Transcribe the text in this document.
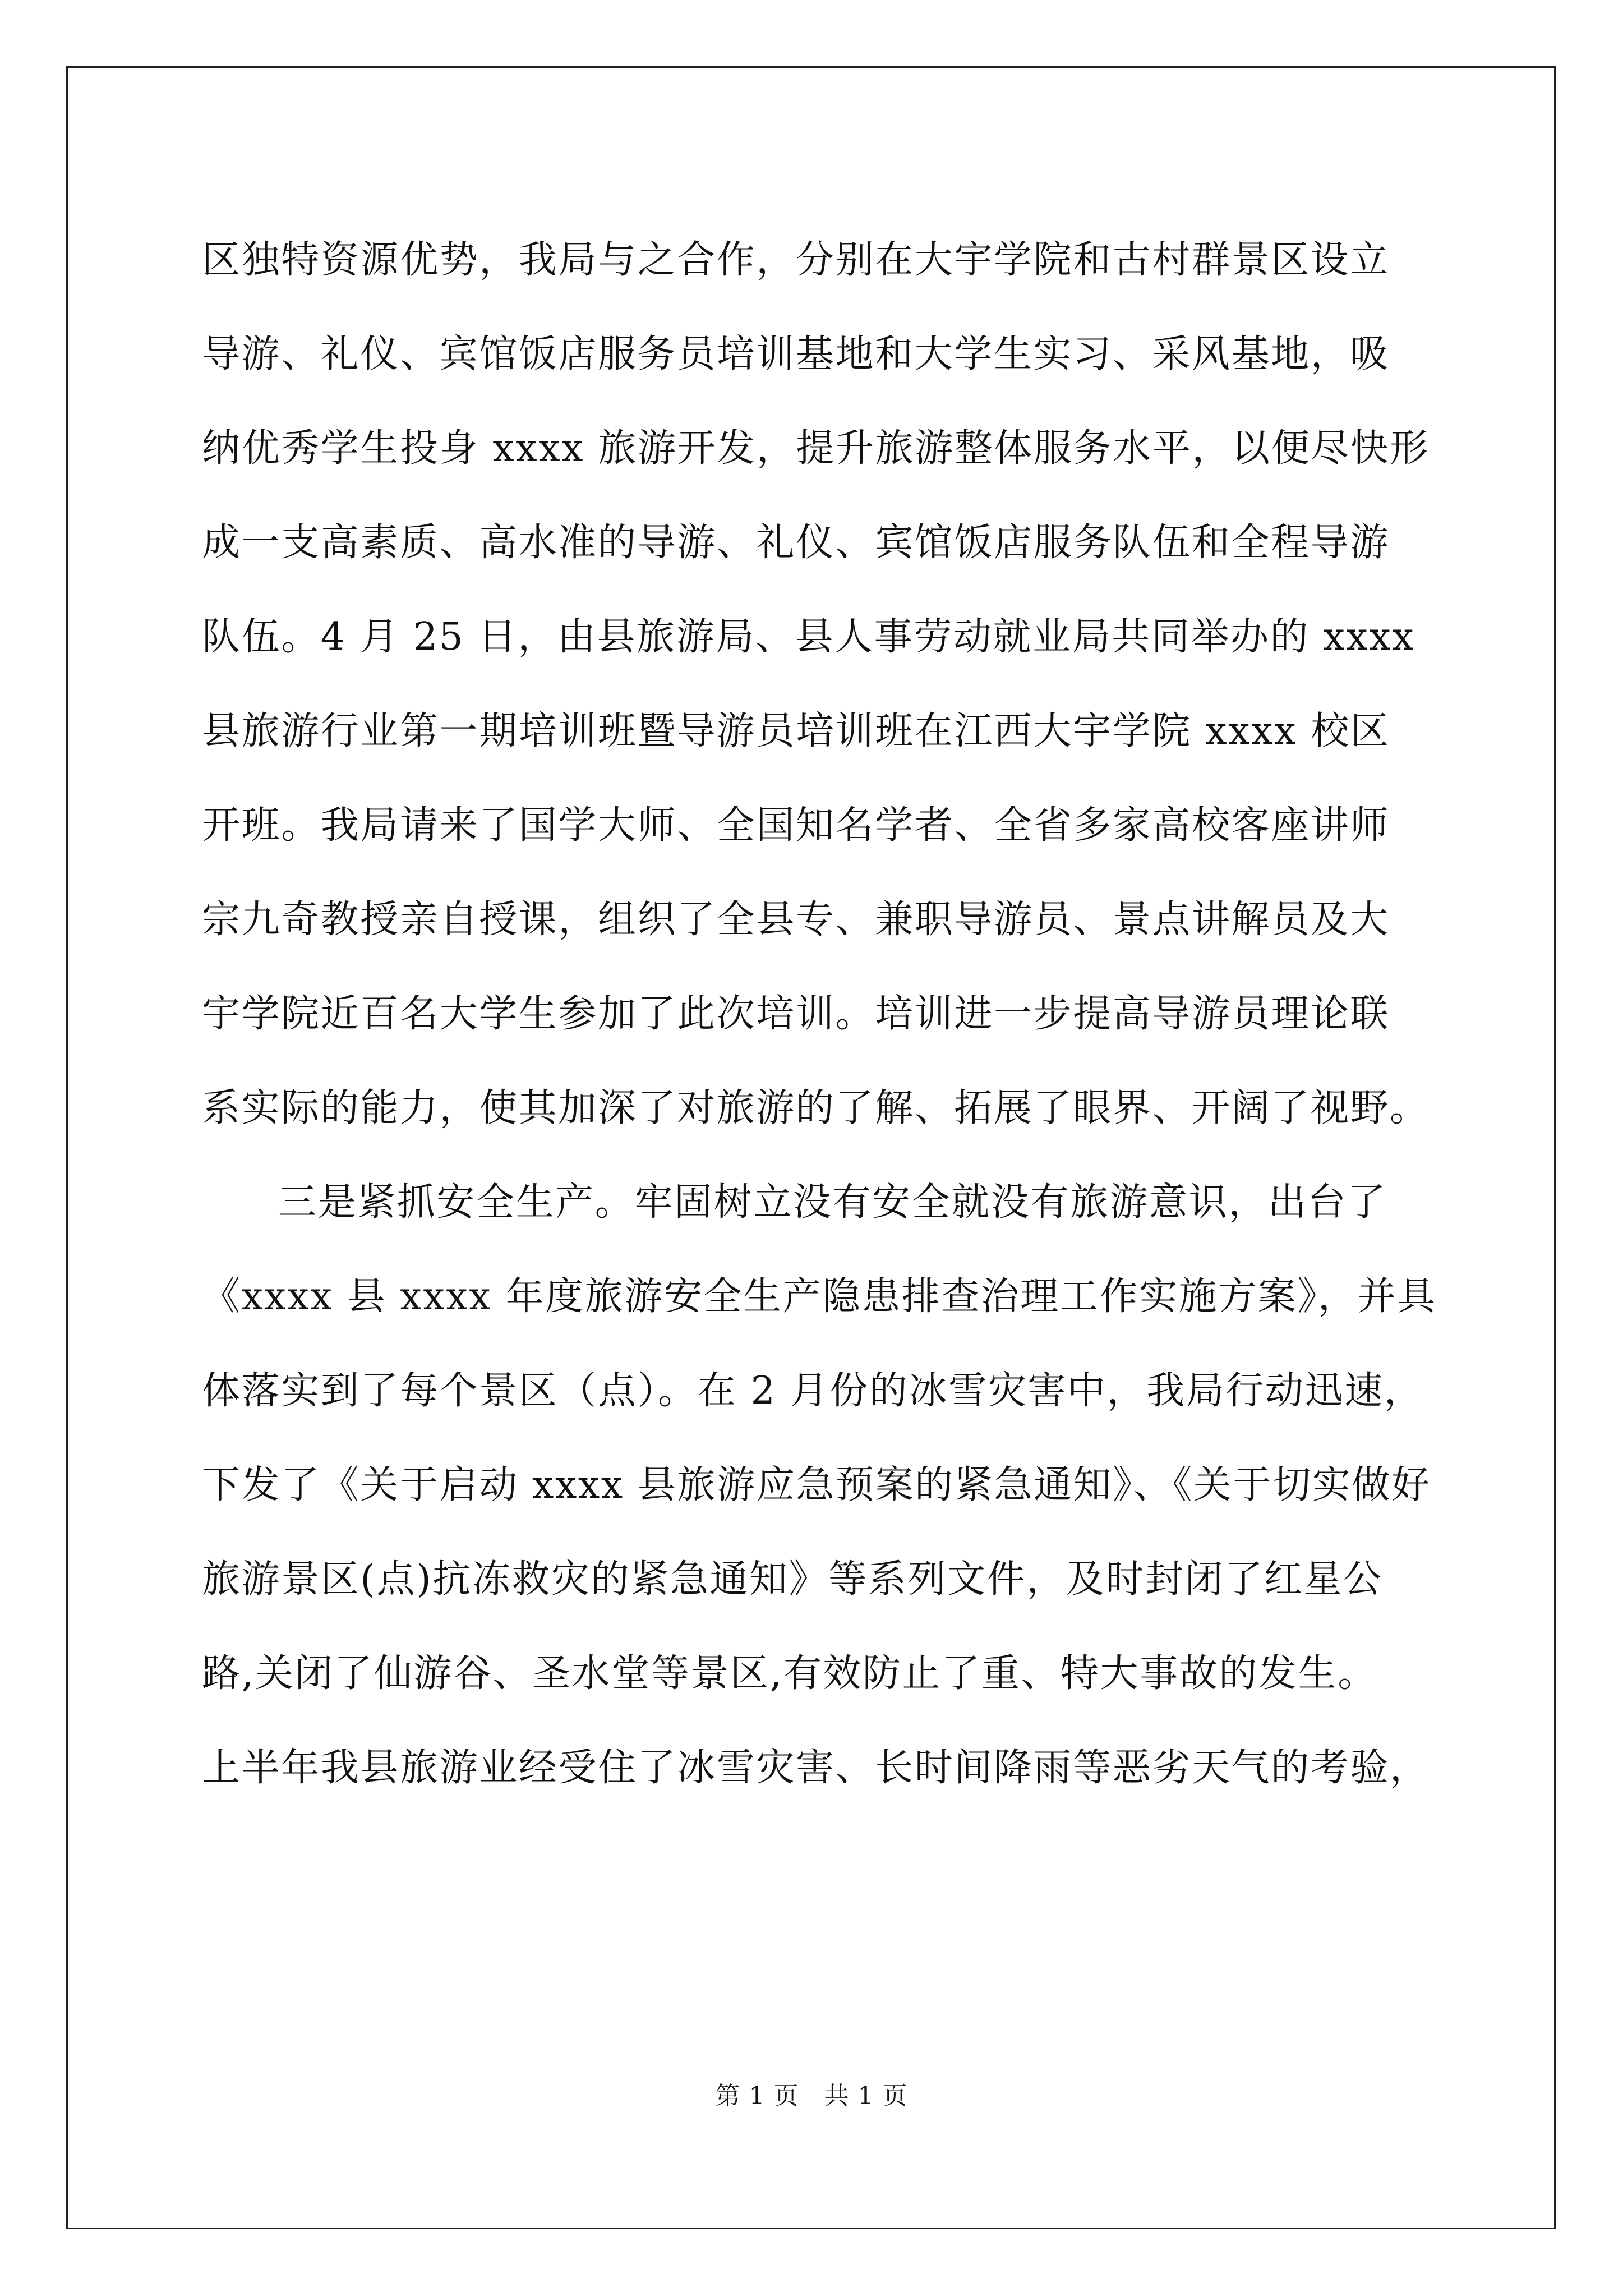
区独特资源优势，我局与之合作，分别在大宇学院和古村群景区设立
导游、礼仪、宾馆饭店服务员培训基地和大学生实习、采风基地，吸
纳优秀学生投身 xxxx 旅游开发，提升旅游整体服务水平，以便尽快形
成一支高素质、高水准的导游、礼仪、宾馆饭店服务队伍和全程导游
队伍。4 月 25 日，由县旅游局、县人事劳动就业局共同举办的 xxxx
县旅游行业第一期培训班暨导游员培训班在江西大宇学院 xxxx 校区
开班。我局请来了国学大师、全国知名学者、全省多家高校客座讲师
宗九奇教授亲自授课，组织了全县专、兼职导游员、景点讲解员及大
宇学院近百名大学生参加了此次培训。培训进一步提高导游员理论联
系实际的能力，使其加深了对旅游的了解、拓展了眼界、开阔了视野。
三是紧抓安全生产。牢固树立没有安全就没有旅游意识，出台了
《xxxx 县 xxxx 年度旅游安全生产隐患排查治理工作实施方案》，并具
体落实到了每个景区（点）。在 2 月份的冰雪灾害中，我局行动迅速，
下发了《关于启动 xxxx 县旅游应急预案的紧急通知》、《关于切实做好
旅游景区(点)抗冻救灾的紧急通知》等系列文件，及时封闭了红星公
路,关闭了仙游谷、圣水堂等景区,有效防止了重、特大事故的发生。
上半年我县旅游业经受住了冰雪灾害、长时间降雨等恶劣天气的考验，
第 1 页　共 1 页
